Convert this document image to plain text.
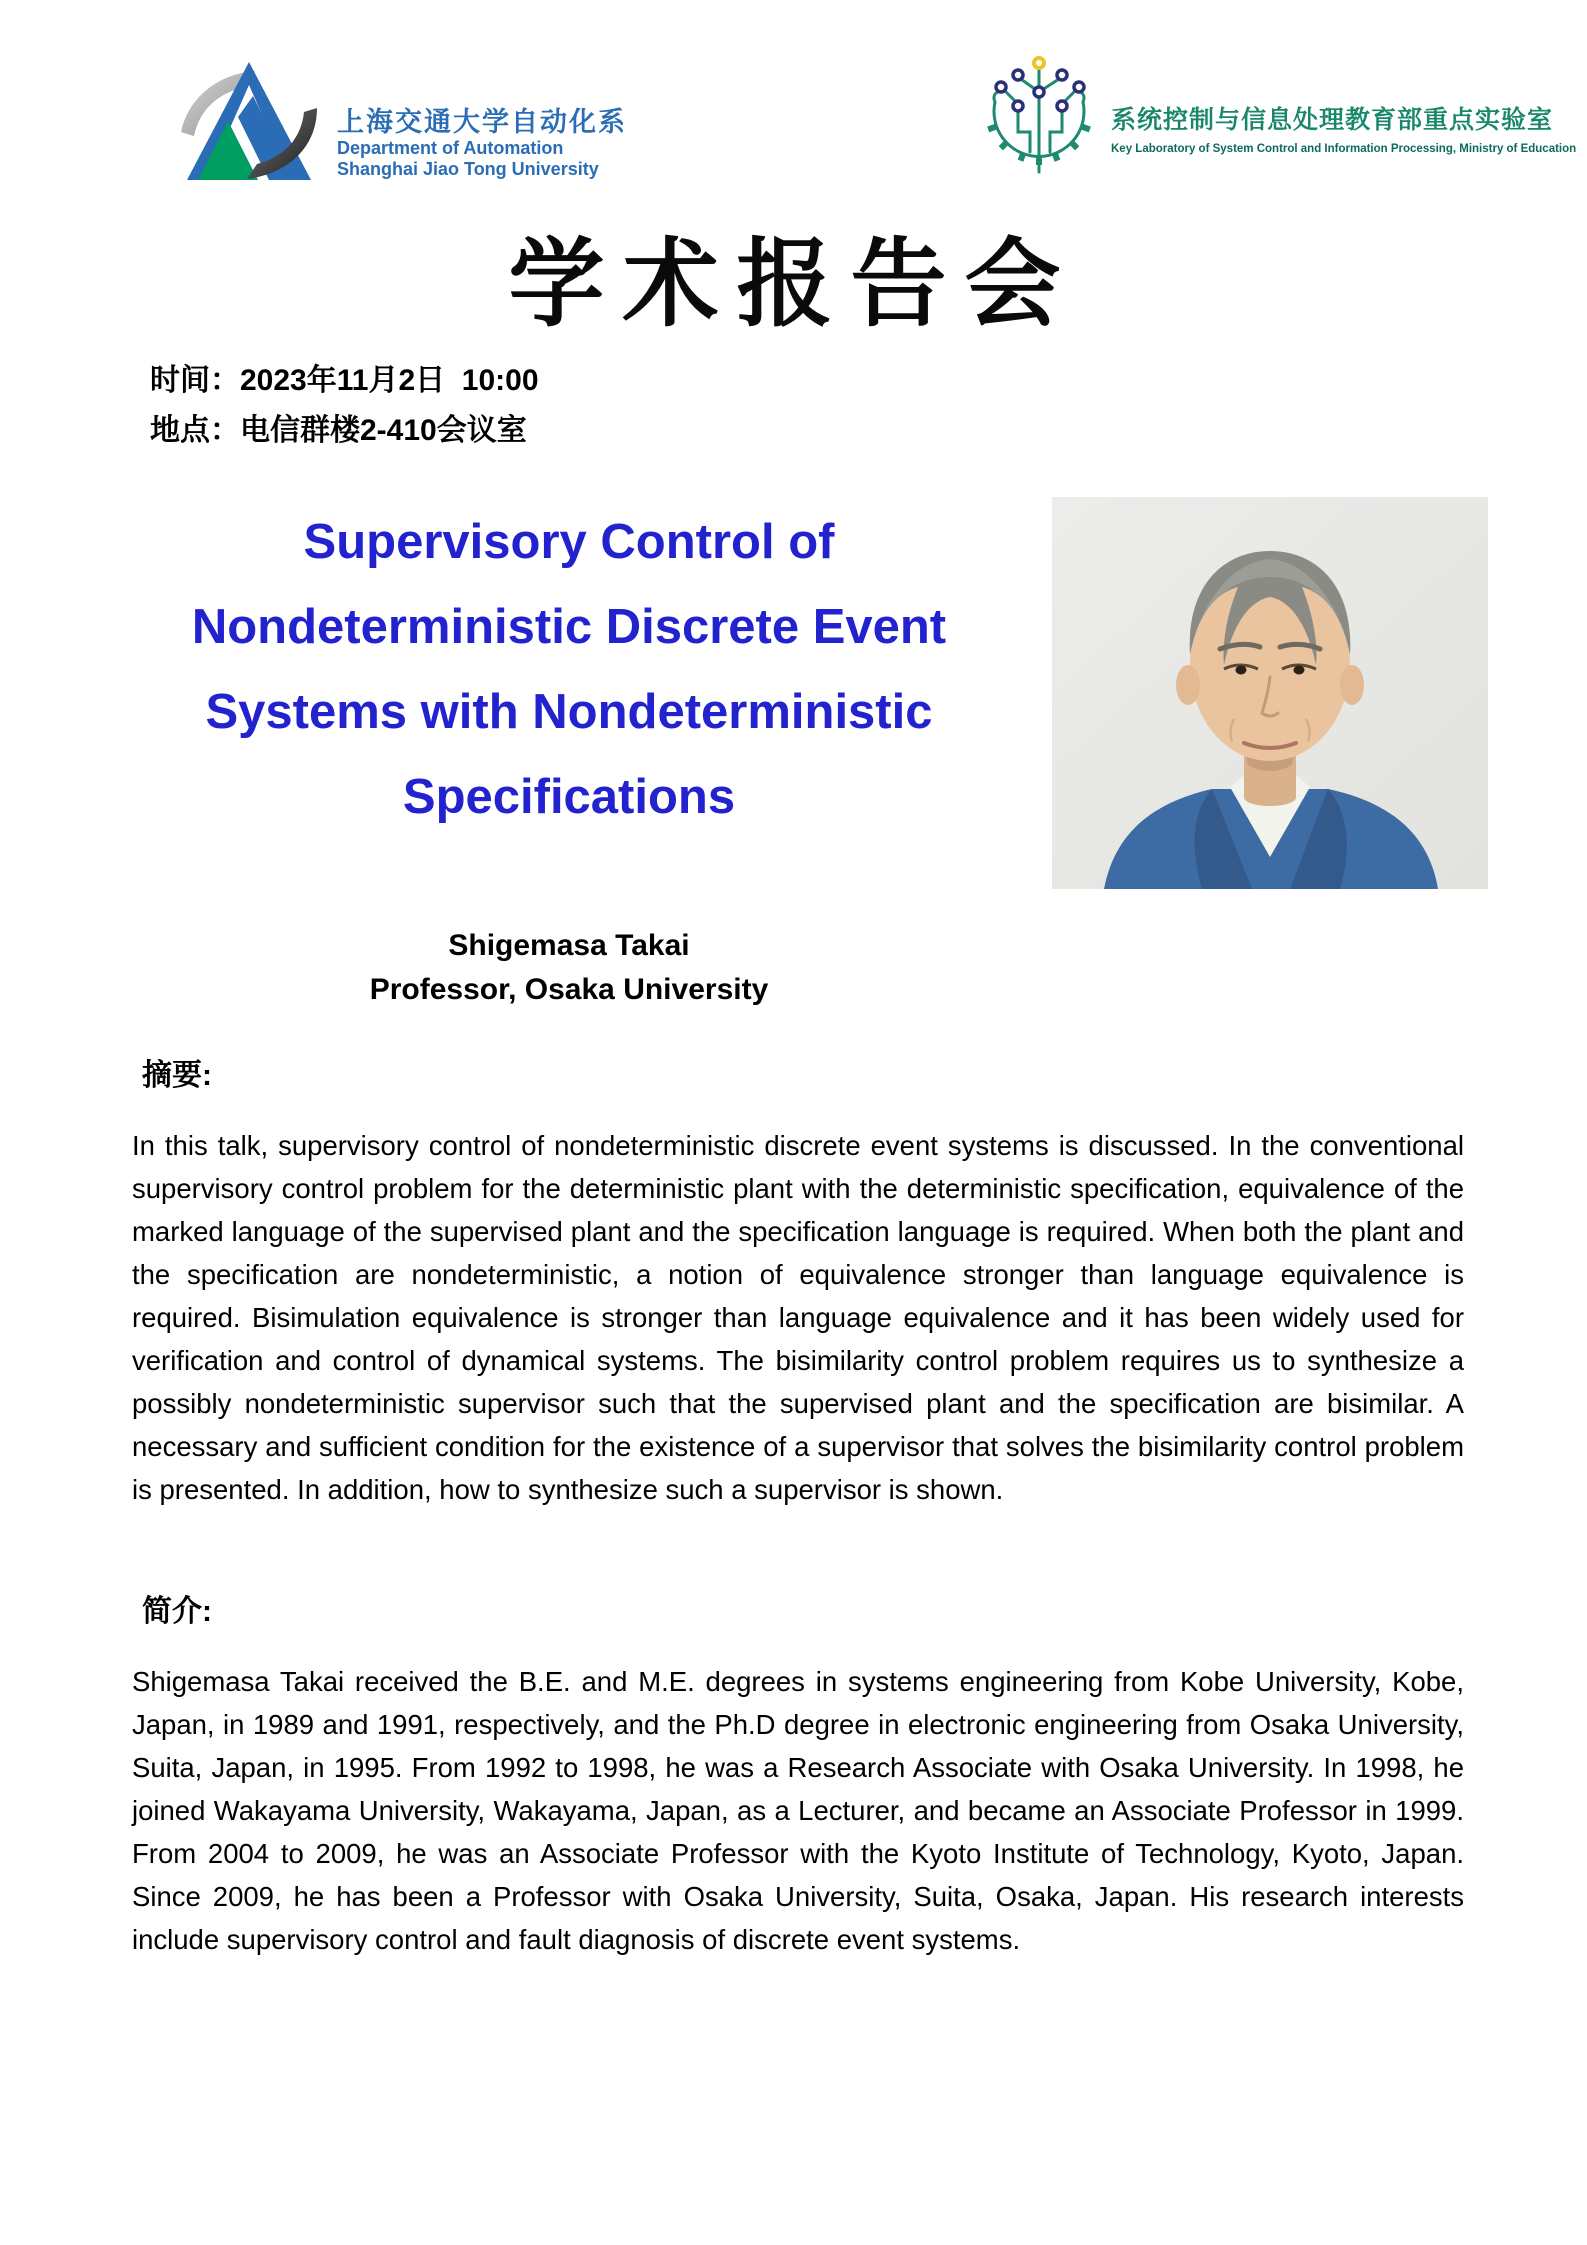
上海交通大学自动化系
Department of Automation
Shanghai Jiao Tong University
系统控制与信息处理教育部重点实验室
Key Laboratory of System Control and Information Processing, Ministry of Education
学术报告会
时间：2023年11月2日  10:00
地点：电信群楼2-410会议室
Supervisory Control of
Nondeterministic Discrete Event
Systems with Nondeterministic
Specifications
Shigemasa Takai
Professor, Osaka University
摘要:
In this talk, supervisory control of nondeterministic discrete event systems is discussed. In the conventional supervisory control problem for the deterministic plant with the deterministic specification, equivalence of the marked language of the supervised plant and the specification language is required. When both the plant and the specification are nondeterministic, a notion of equivalence stronger than language equivalence is required. Bisimulation equivalence is stronger than language equivalence and it has been widely used for verification and control of dynamical systems. The bisimilarity control problem requires us to synthesize a possibly nondeterministic supervisor such that the supervised plant and the specification are bisimilar. A necessary and sufficient condition for the existence of a supervisor that solves the bisimilarity control problem is presented. In addition, how to synthesize such a supervisor is shown.
简介:
Shigemasa Takai received the B.E. and M.E. degrees in systems engineering from Kobe University, Kobe, Japan, in 1989 and 1991, respectively, and the Ph.D degree in electronic engineering from Osaka University, Suita, Japan, in 1995. From 1992 to 1998, he was a Research Associate with Osaka University. In 1998, he joined Wakayama University, Wakayama, Japan, as a Lecturer, and became an Associate Professor in 1999. From 2004 to 2009, he was an Associate Professor with the Kyoto Institute of Technology, Kyoto, Japan. Since 2009, he has been a Professor with Osaka University, Suita, Osaka, Japan. His research interests include supervisory control and fault diagnosis of discrete event systems.
